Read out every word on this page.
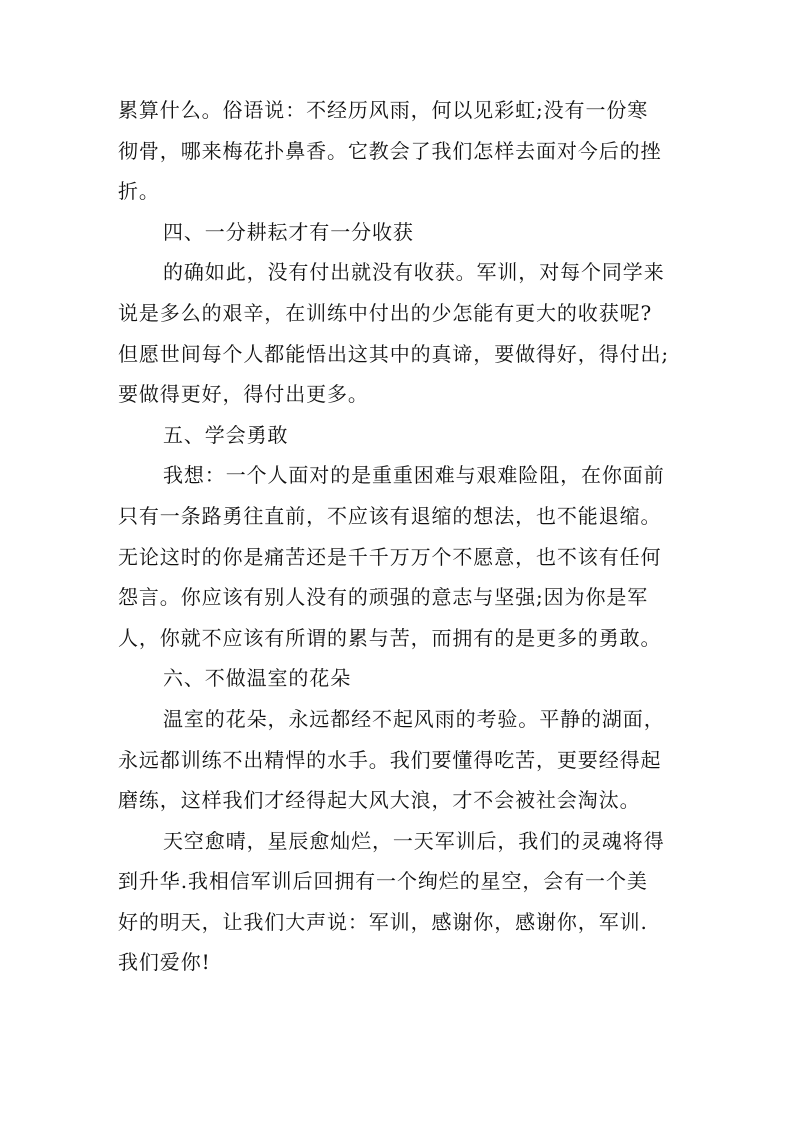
累算什么。俗语说：不经历风雨，何以见彩虹;没有一份寒
彻骨，哪来梅花扑鼻香。它教会了我们怎样去面对今后的挫
折。
四、一分耕耘才有一分收获
的确如此，没有付出就没有收获。军训，对每个同学来
说是多么的艰辛，在训练中付出的少怎能有更大的收获呢?
但愿世间每个人都能悟出这其中的真谛，要做得好，得付出;
要做得更好，得付出更多。
五、学会勇敢
我想：一个人面对的是重重困难与艰难险阻，在你面前
只有一条路勇往直前，不应该有退缩的想法，也不能退缩。
无论这时的你是痛苦还是千千万万个不愿意，也不该有任何
怨言。你应该有别人没有的顽强的意志与坚强;因为你是军
人，你就不应该有所谓的累与苦，而拥有的是更多的勇敢。
六、不做温室的花朵
温室的花朵，永远都经不起风雨的考验。平静的湖面，
永远都训练不出精悍的水手。我们要懂得吃苦，更要经得起
磨练，这样我们才经得起大风大浪，才不会被社会淘汰。
天空愈晴，星辰愈灿烂，一天军训后，我们的灵魂将得
到升华.我相信军训后回拥有一个绚烂的星空，会有一个美
好的明天，让我们大声说：军训，感谢你，感谢你，军训.
我们爱你!
